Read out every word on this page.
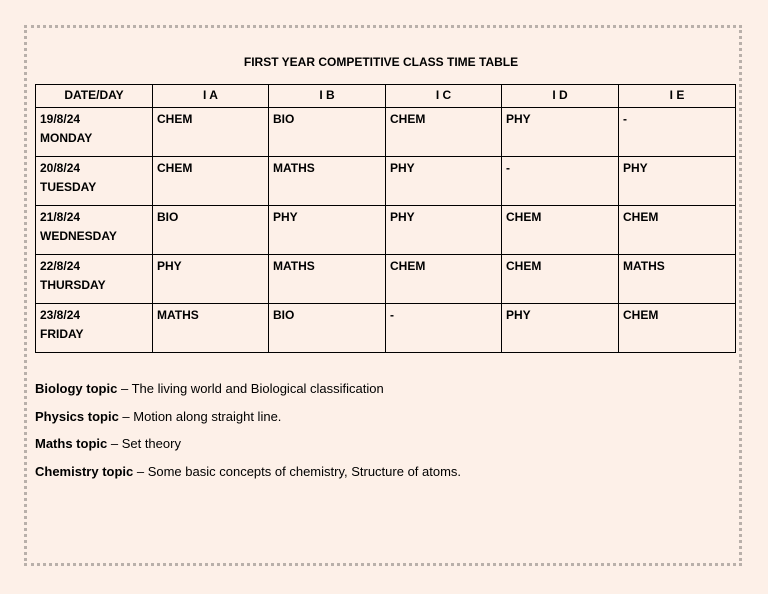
FIRST YEAR COMPETITIVE CLASS TIME TABLE
DATE/DAY	I A	I B	I C	I D	I E
19/8/24
MONDAY	CHEM	BIO	CHEM	PHY	-
20/8/24
TUESDAY	CHEM	MATHS	PHY	-	PHY
21/8/24
WEDNESDAY	BIO	PHY	PHY	CHEM	CHEM
22/8/24
THURSDAY	PHY	MATHS	CHEM	CHEM	MATHS
23/8/24
FRIDAY	MATHS	BIO	-	PHY	CHEM
Biology topic – The living world and Biological classification
Physics topic – Motion along straight line.
Maths topic – Set theory
Chemistry topic – Some basic concepts of chemistry, Structure of atoms.
